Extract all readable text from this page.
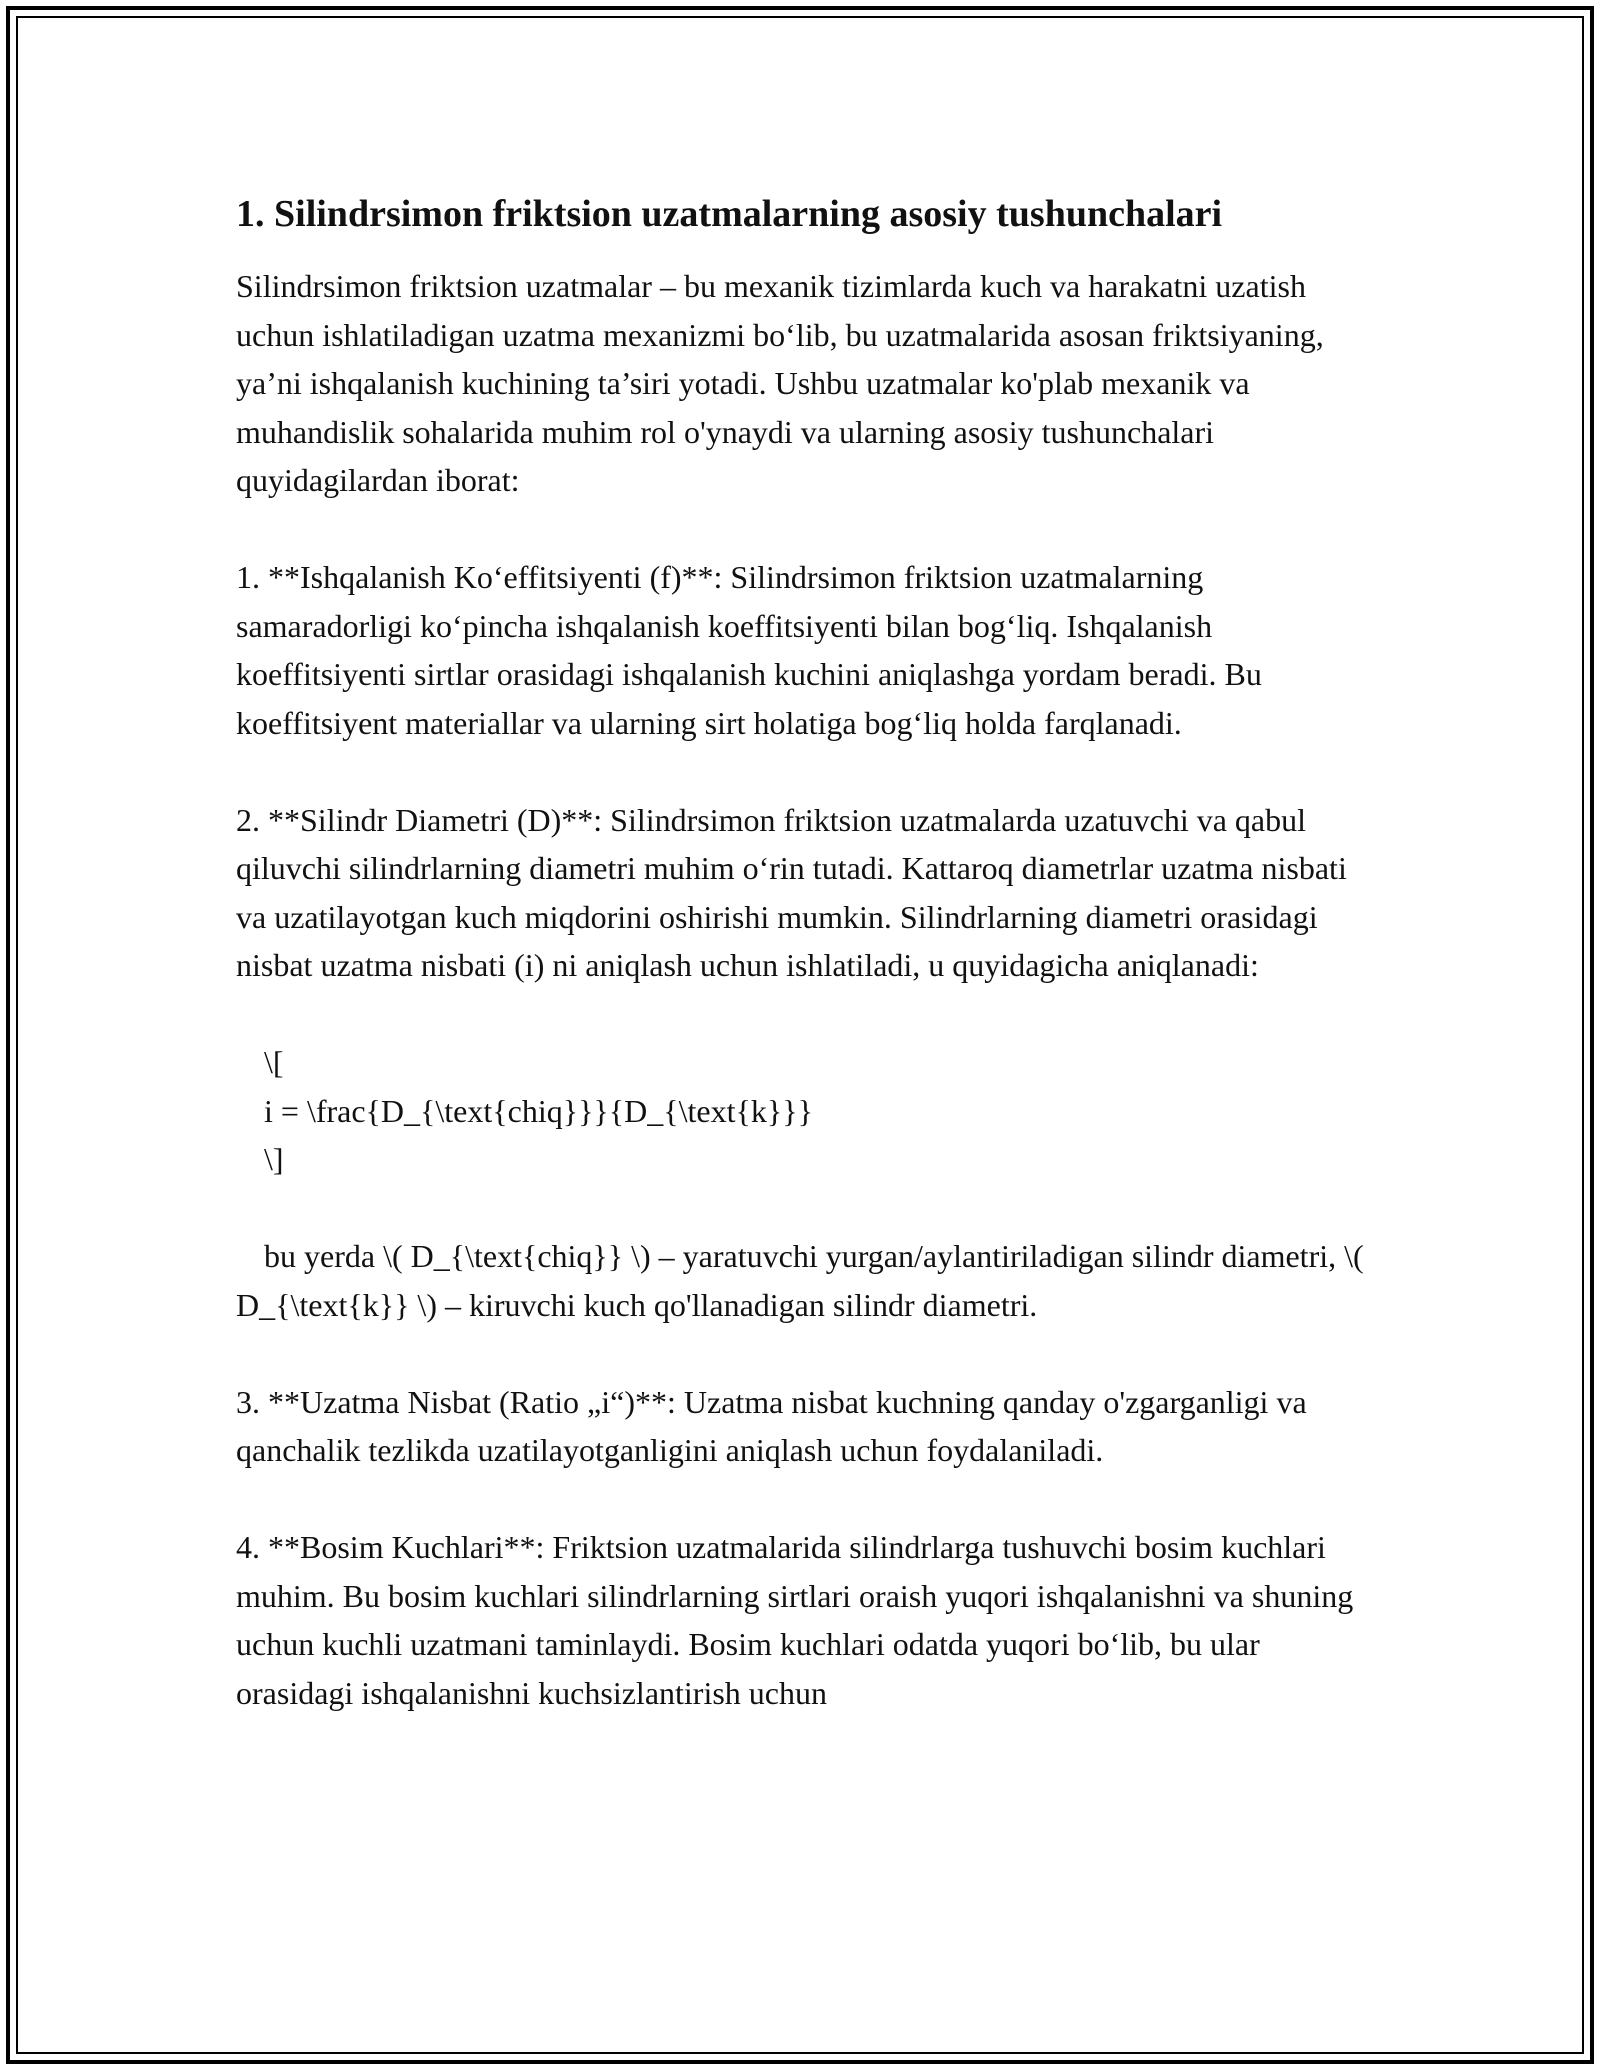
1. Silindrsimon friktsion uzatmalarning asosiy tushunchalari

Silindrsimon friktsion uzatmalar – bu mexanik tizimlarda kuch va harakatni uzatish uchun ishlatiladigan uzatma mexanizmi bo‘lib, bu uzatmalarida asosan friktsiyaning, ya’ni ishqalanish kuchining ta’siri yotadi. Ushbu uzatmalar ko'plab mexanik va muhandislik sohalarida muhim rol o'ynaydi va ularning asosiy tushunchalari quyidagilardan iborat:

1. **Ishqalanish Ko‘effitsiyenti (f)**: Silindrsimon friktsion uzatmalarning samaradorligi ko‘pincha ishqalanish koeffitsiyenti bilan bog‘liq. Ishqalanish koeffitsiyenti sirtlar orasidagi ishqalanish kuchini aniqlashga yordam beradi. Bu koeffitsiyent materiallar va ularning sirt holatiga bog‘liq holda farqlanadi.

2. **Silindr Diametri (D)**: Silindrsimon friktsion uzatmalarda uzatuvchi va qabul qiluvchi silindrlarning diametri muhim o‘rin tutadi. Kattaroq diametrlar uzatma nisbati va uzatilayotgan kuch miqdorini oshirishi mumkin. Silindrlarning diametri orasidagi nisbat uzatma nisbati (i) ni aniqlash uchun ishlatiladi, u quyidagicha aniqlanadi:

\[
i = \frac{D_{\text{chiq}}}{D_{\text{k}}}
\]

bu yerda \( D_{\text{chiq}} \) – yaratuvchi yurgan/aylantiriladigan silindr diametri, \( D_{\text{k}} \) – kiruvchi kuch qo'llanadigan silindr diametri.

3. **Uzatma Nisbat (Ratio „i“)**: Uzatma nisbat kuchning qanday o'zgarganligi va qanchalik tezlikda uzatilayotganligini aniqlash uchun foydalaniladi.

4. **Bosim Kuchlari**: Friktsion uzatmalarida silindrlarga tushuvchi bosim kuchlari muhim. Bu bosim kuchlari silindrlarning sirtlari oraish yuqori ishqalanishni va shuning uchun kuchli uzatmani taminlaydi. Bosim kuchlari odatda yuqori bo‘lib, bu ular orasidagi ishqalanishni kuchsizlantirish uchun
